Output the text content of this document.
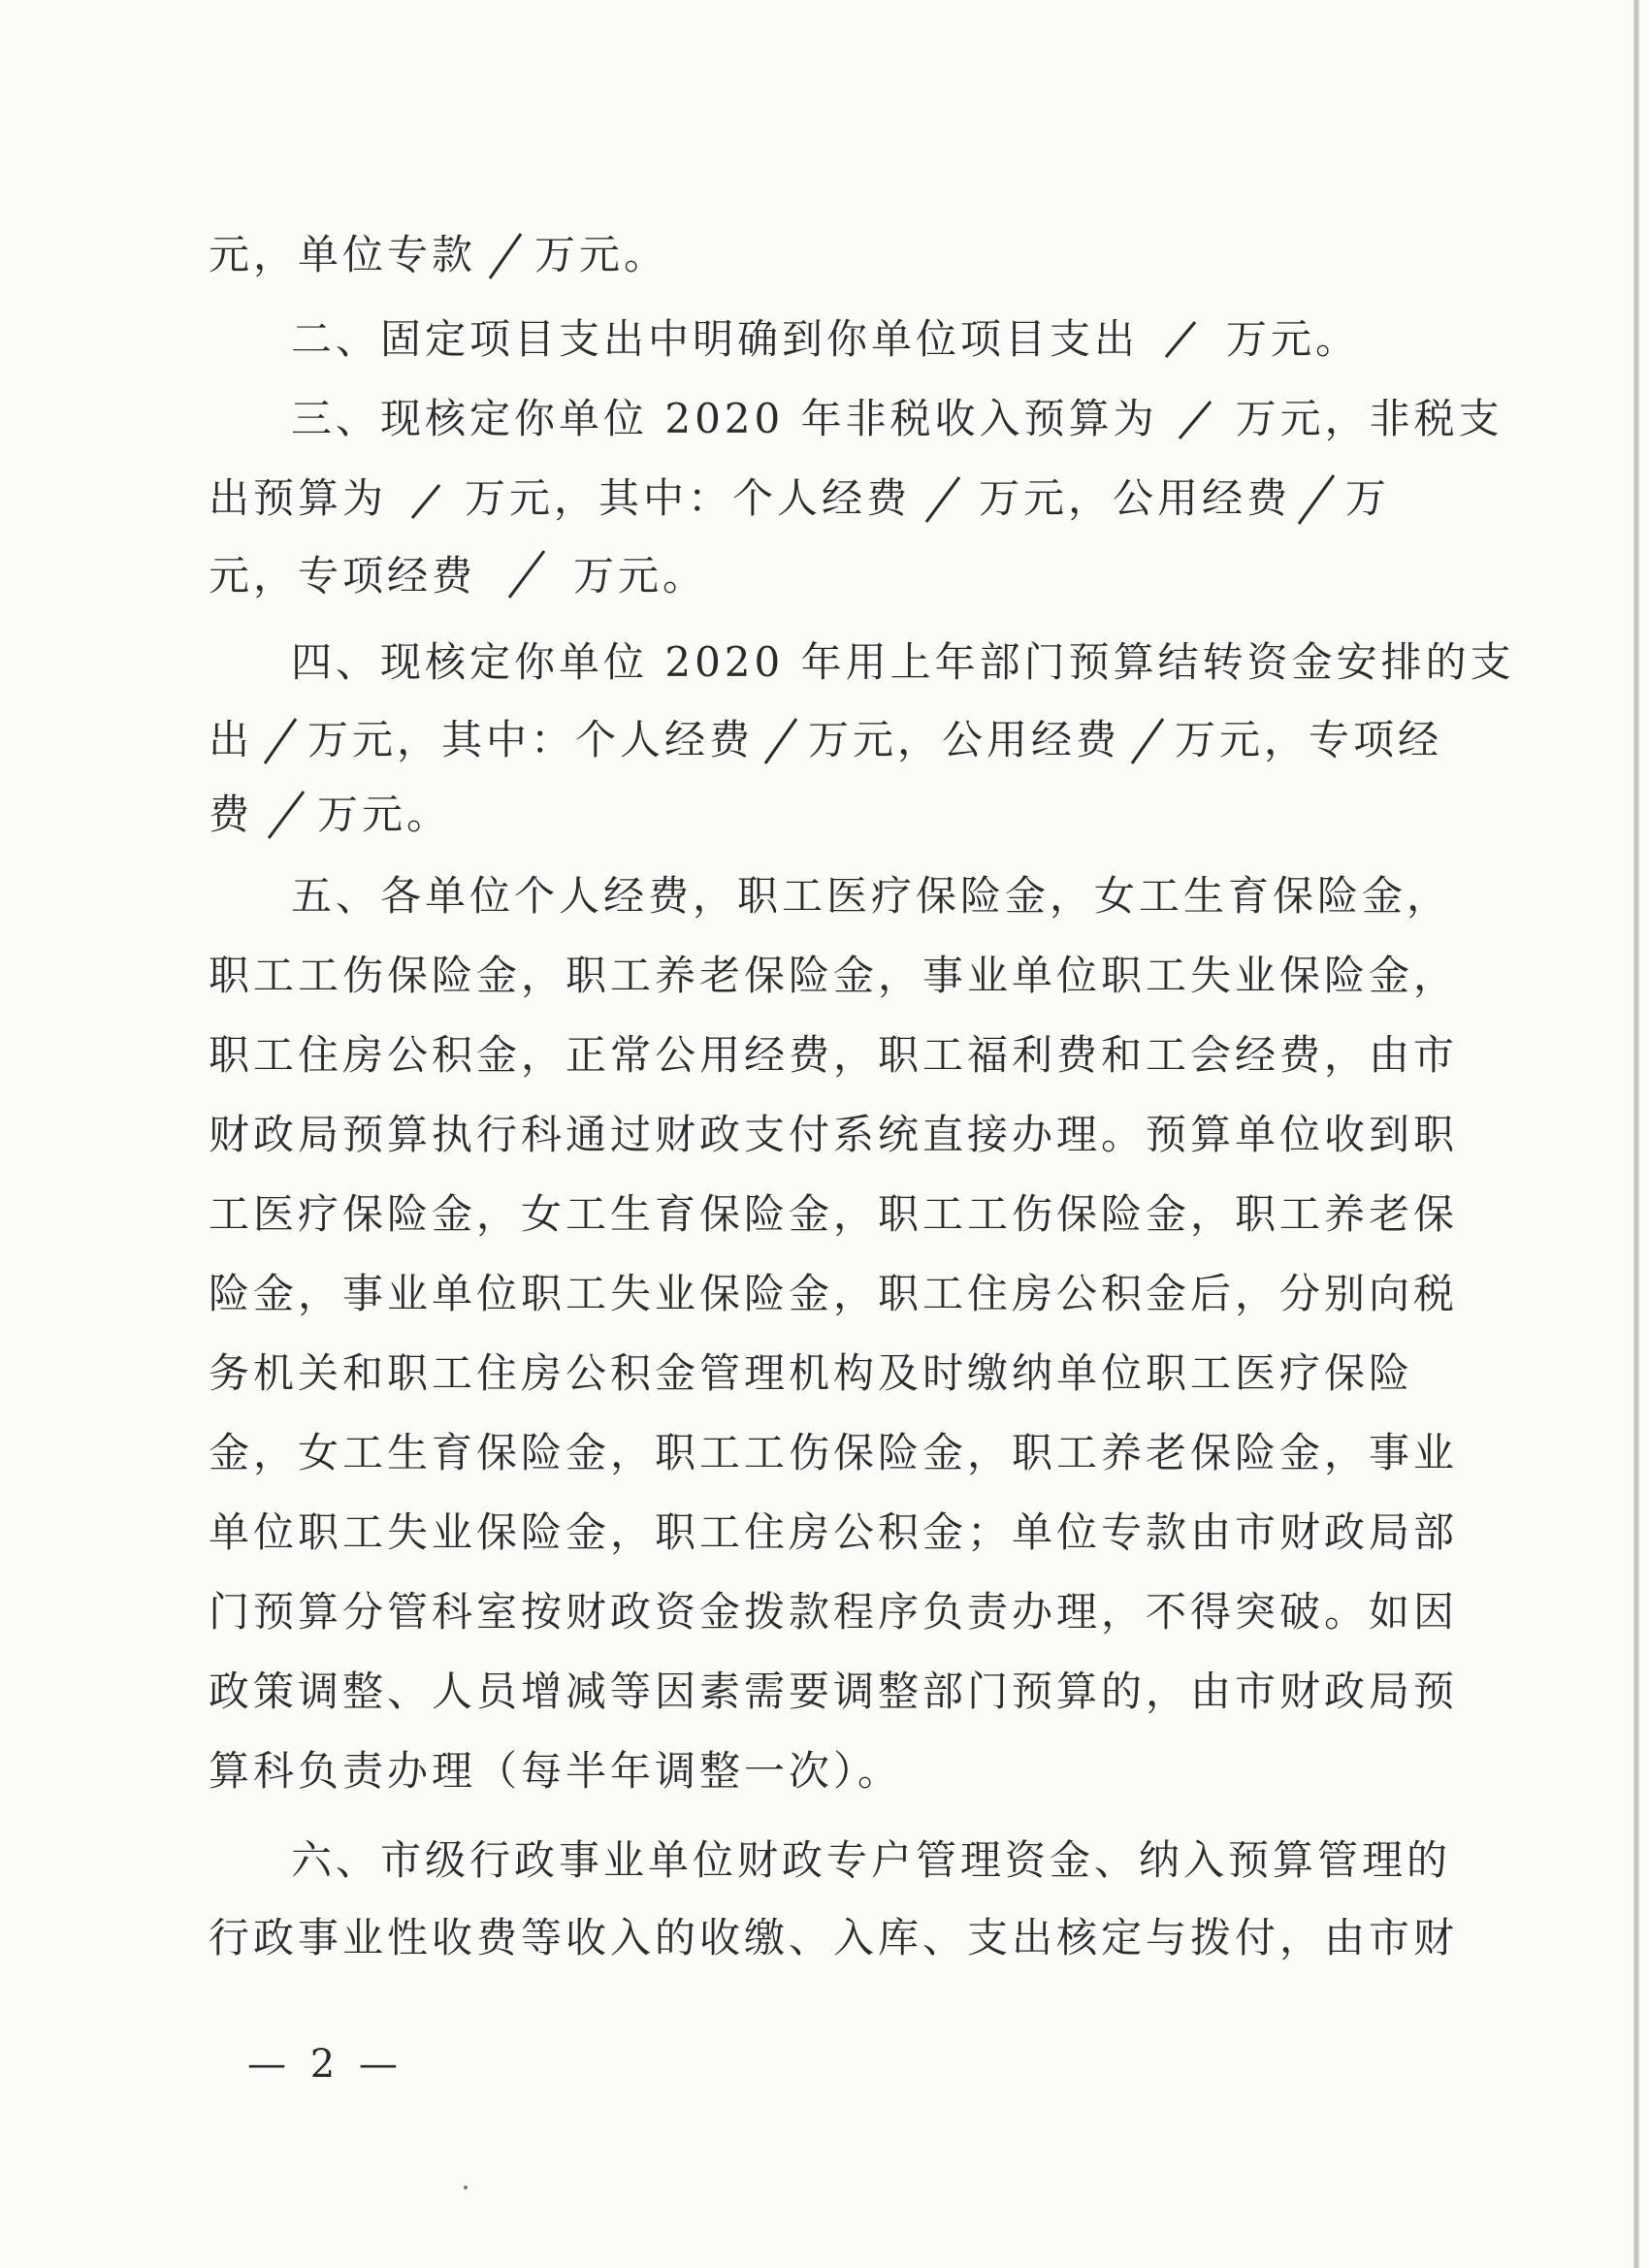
元，单位专款 万元。
二、固定项目支出中明确到你单位项目支出 万元。
三、现核定你单位 2020 年非税收入预算为 万元，非税支
出预算为 万元，其中：个人经费 万元，公用经费 万
元，专项经费 万元。
四、现核定你单位 2020 年用上年部门预算结转资金安排的支
出 万元，其中：个人经费 万元，公用经费 万元，专项经
费 万元。
五、各单位个人经费，职工医疗保险金，女工生育保险金，
职工工伤保险金，职工养老保险金，事业单位职工失业保险金，
职工住房公积金，正常公用经费，职工福利费和工会经费，由市
财政局预算执行科通过财政支付系统直接办理。预算单位收到职
工医疗保险金，女工生育保险金，职工工伤保险金，职工养老保
险金，事业单位职工失业保险金，职工住房公积金后，分别向税
务机关和职工住房公积金管理机构及时缴纳单位职工医疗保险
金，女工生育保险金，职工工伤保险金，职工养老保险金，事业
单位职工失业保险金，职工住房公积金；单位专款由市财政局部
门预算分管科室按财政资金拨款程序负责办理，不得突破。如因
政策调整、人员增减等因素需要调整部门预算的，由市财政局预
算科负责办理（每半年调整一次）。
六、市级行政事业单位财政专户管理资金、纳入预算管理的
行政事业性收费等收入的收缴、入库、支出核定与拨付，由市财
— 2 —
